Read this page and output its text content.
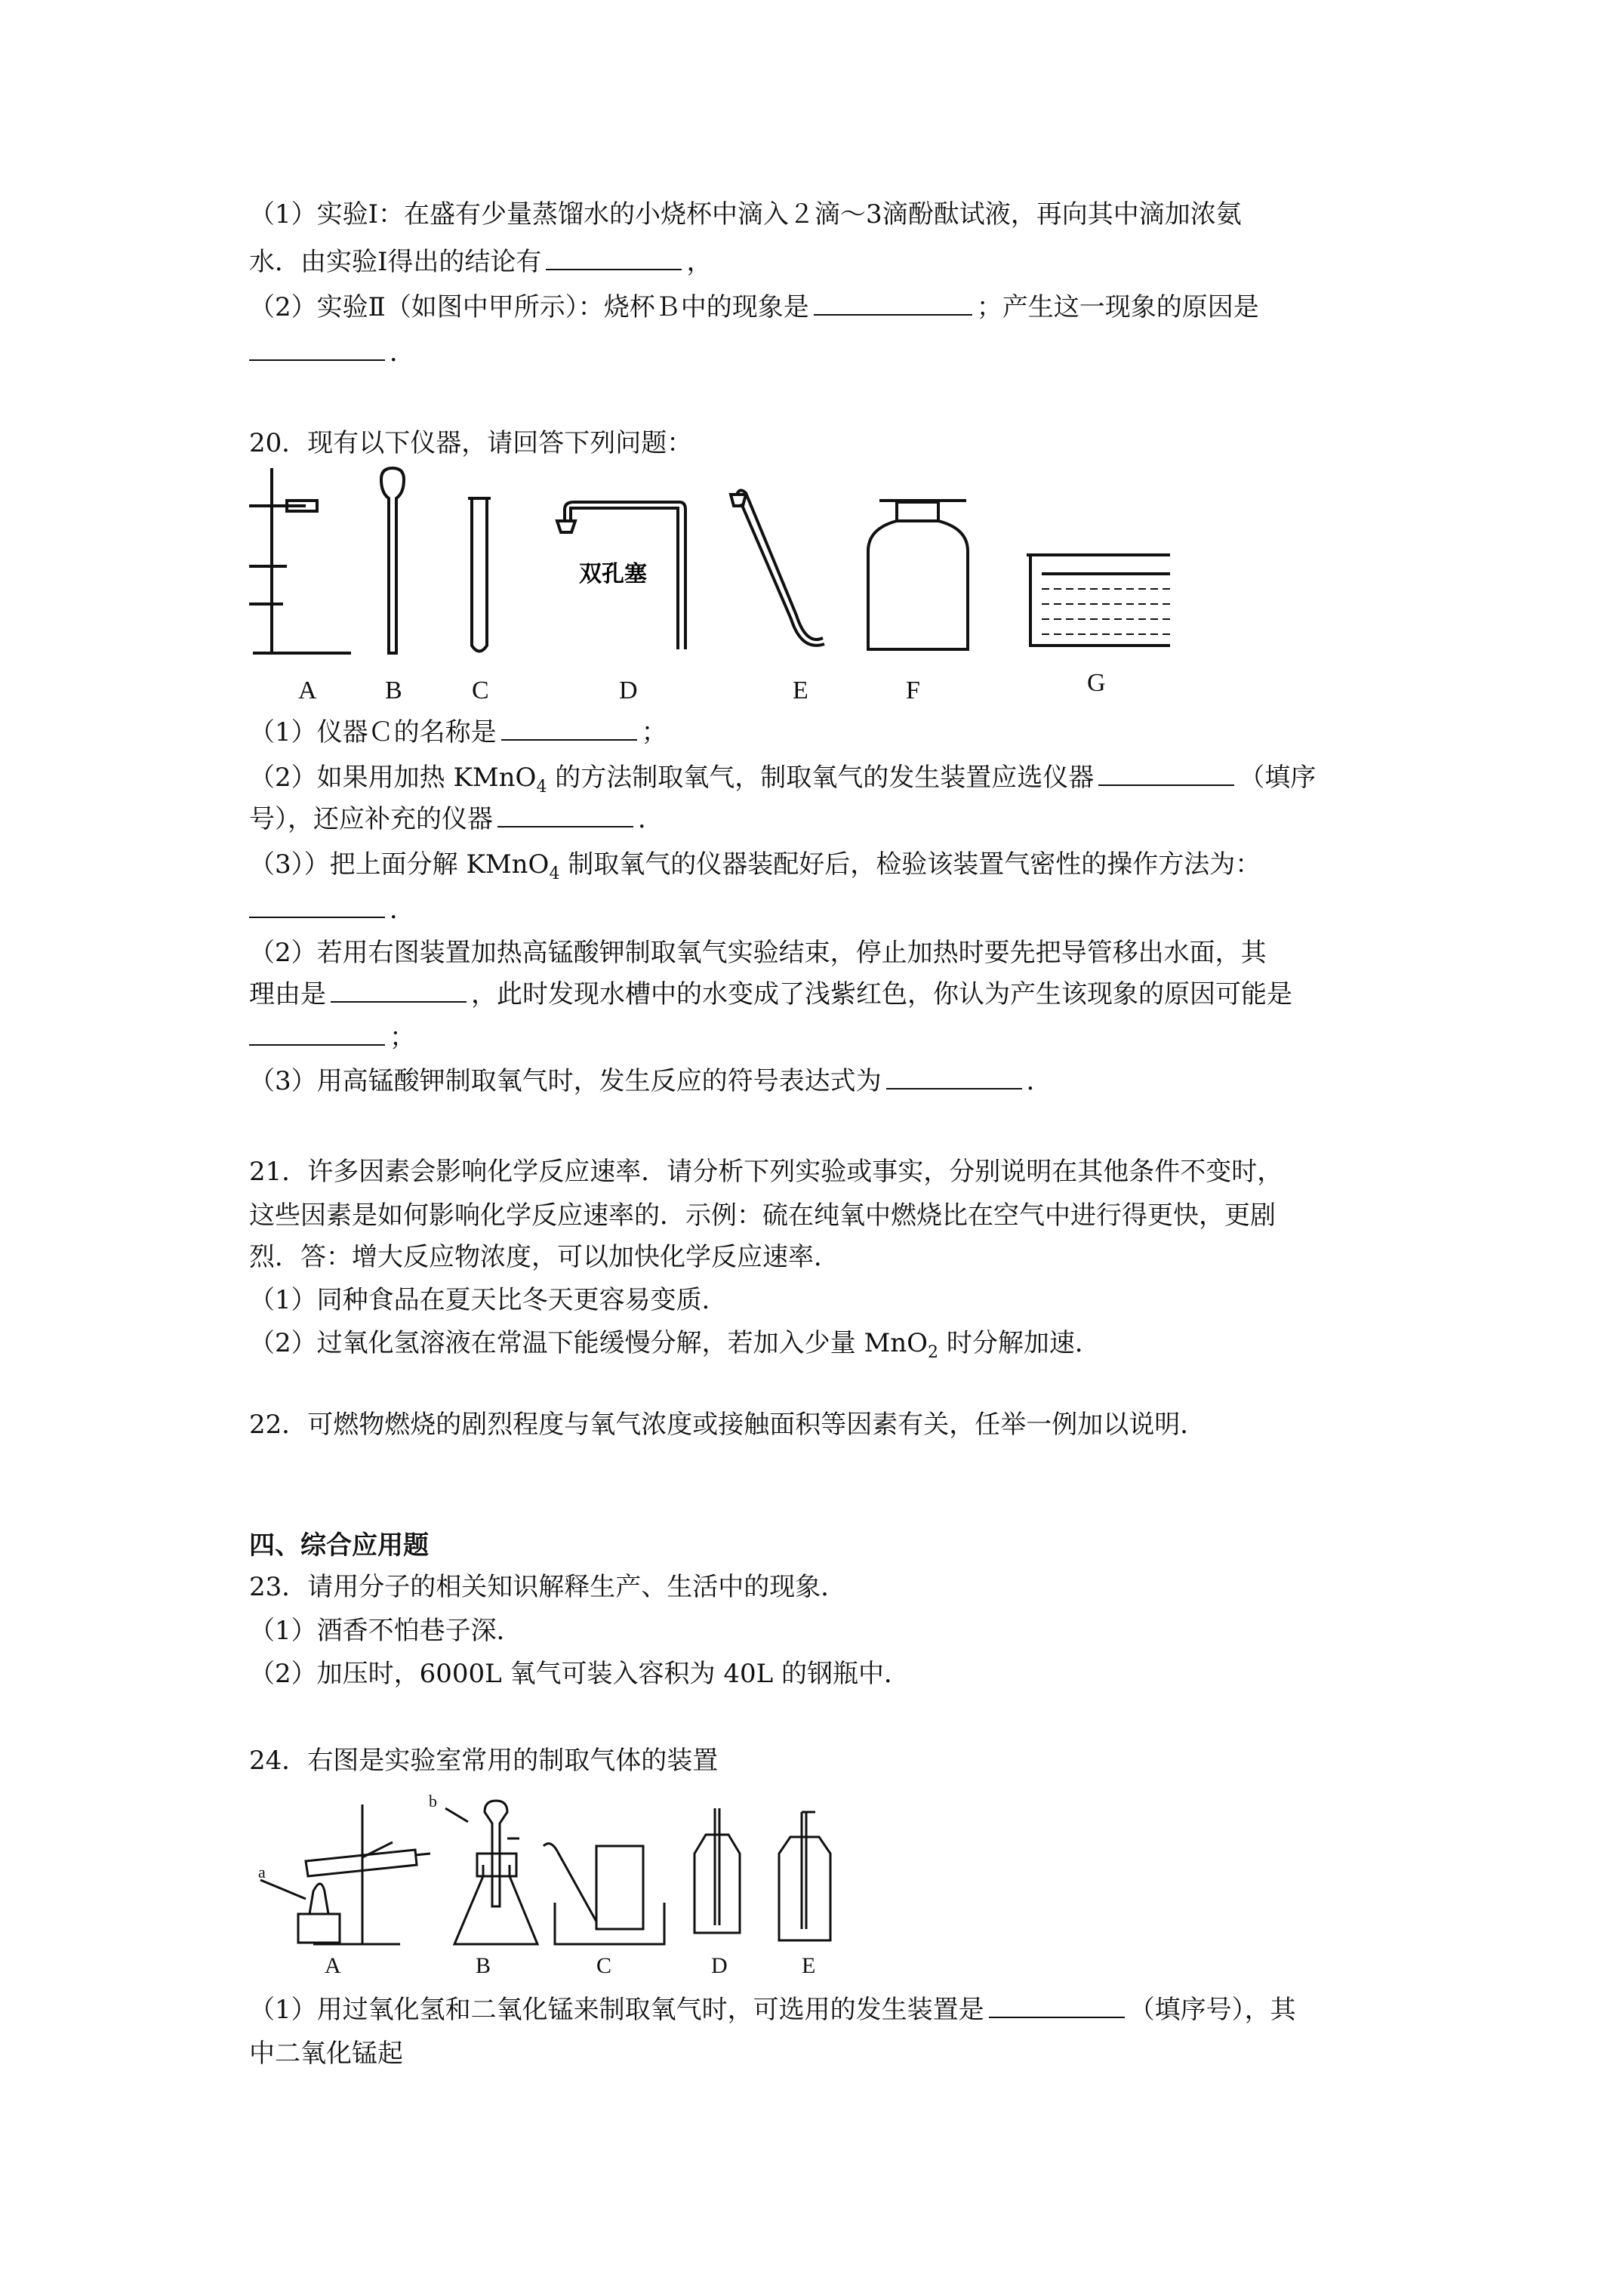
（1）实验Ⅰ：在盛有少量蒸馏水的小烧杯中滴入２滴～3滴酚酞试液，再向其中滴加浓氨
水．由实验Ⅰ得出的结论有	，
（2）实验Ⅱ（如图中甲所示）：烧杯Ｂ中的现象是	；产生这一现象的原因是
．
20．现有以下仪器，请回答下列问题：
双孔塞
A	B	C	D	E	F	G
（1）仪器Ｃ的名称是	；
（2）如果用加热 KMnO$_4$ 的方法制取氧气，制取氧气的发生装置应选仪器	（填序
号），还应补充的仪器	．
（3））把上面分解 KMnO$_4$ 制取氧气的仪器装配好后，检验该装置气密性的操作方法为：
．
（2）若用右图装置加热高锰酸钾制取氧气实验结束，停止加热时要先把导管移出水面，其
理由是	，此时发现水槽中的水变成了浅紫红色，你认为产生该现象的原因可能是
；
（3）用高锰酸钾制取氧气时，发生反应的符号表达式为	．
21．许多因素会影响化学反应速率．请分析下列实验或事实，分别说明在其他条件不变时，
这些因素是如何影响化学反应速率的．示例：硫在纯氧中燃烧比在空气中进行得更快，更剧
烈．答：增大反应物浓度，可以加快化学反应速率．
（1）同种食品在夏天比冬天更容易变质．
（2）过氧化氢溶液在常温下能缓慢分解，若加入少量 MnO$_2$ 时分解加速．
22．可燃物燃烧的剧烈程度与氧气浓度或接触面积等因素有关，任举一例加以说明．
四、综合应用题
23．请用分子的相关知识解释生产、生活中的现象．
（1）酒香不怕巷子深．
（2）加压时，6000L 氧气可装入容积为 40L 的钢瓶中．
24．右图是实验室常用的制取气体的装置
a
b
A	B	C	D	E
（1）用过氧化氢和二氧化锰来制取氧气时，可选用的发生装置是	（填序号），其
中二氧化锰起
